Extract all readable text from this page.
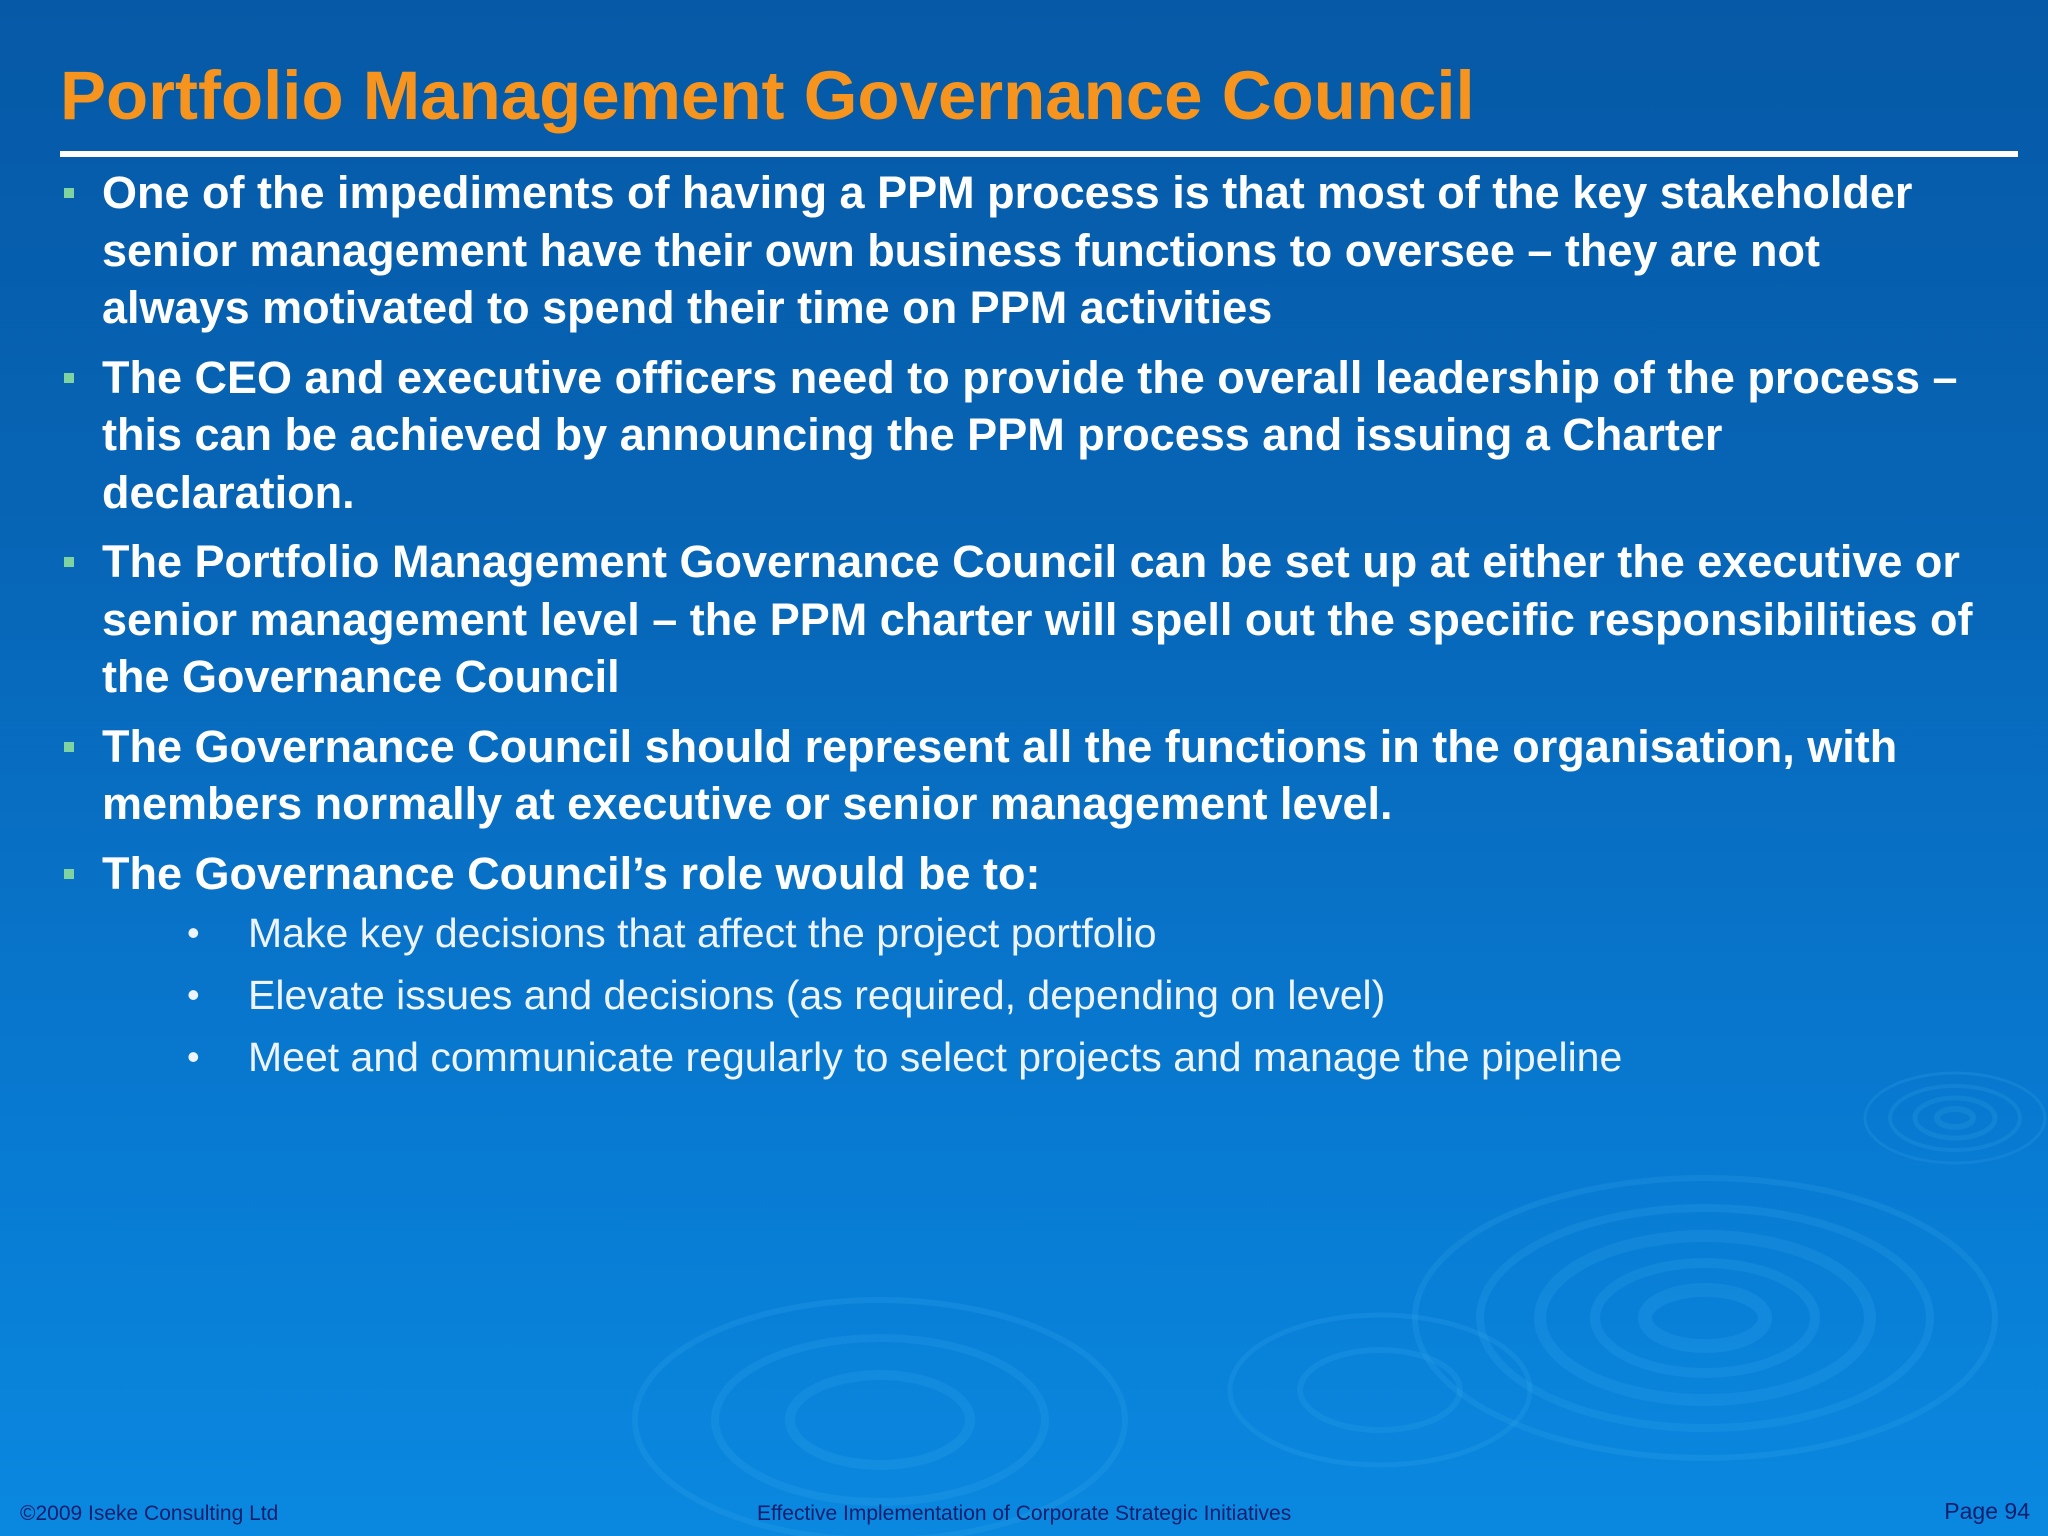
Portfolio Management Governance Council
One of the impediments of having a PPM process is that most of the key stakeholder senior management have their own business functions to oversee – they are not always motivated to spend their time on PPM activities
The CEO and executive officers need to provide the overall leadership of the process – this can be achieved by announcing the PPM process and issuing a Charter declaration.
The Portfolio Management Governance Council can be set up at either the executive or senior management level – the PPM charter will spell out the specific responsibilities of the Governance Council
The Governance Council should represent all the functions in the organisation, with members normally at executive or senior management level.
The Governance Council’s role would be to:
• Make key decisions that affect the project portfolio
• Elevate issues and decisions (as required, depending on level)
• Meet and communicate regularly to select projects and manage the pipeline
©2009 Iseke Consulting Ltd	Effective Implementation of Corporate Strategic Initiatives	Page 94
